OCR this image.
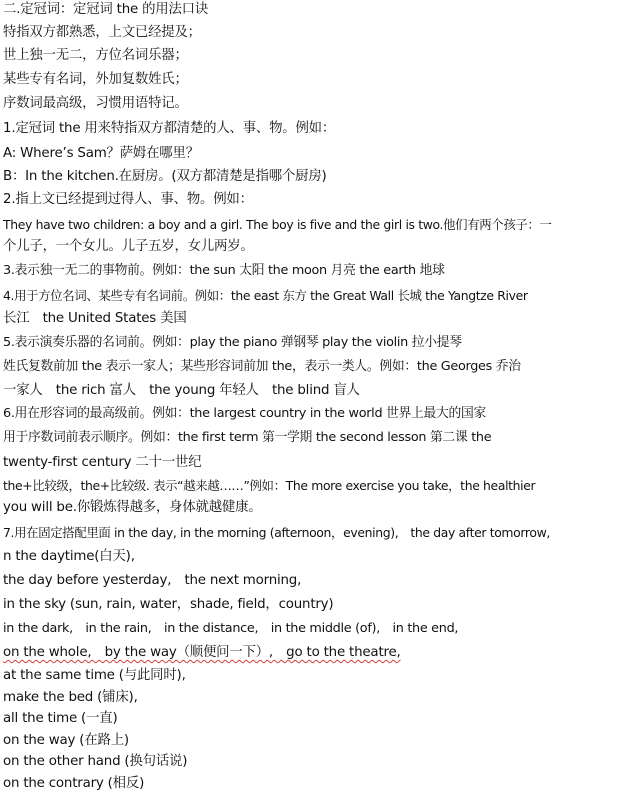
二.定冠词：定冠词 the 的用法口诀
特指双方都熟悉，上文已经提及；
世上独一无二，方位名词乐器；
某些专有名词，外加复数姓氏；
序数词最高级，习惯用语特记。
1.定冠词 the 用来特指双方都清楚的人、事、物。例如：
A: Where’s Sam？萨姆在哪里？
B：In the kitchen.在厨房。(双方都清楚是指哪个厨房)
2.指上文已经提到过得人、事、物。例如：
They have two children: a boy and a girl. The boy is five and the girl is two.他们有两个孩子：一
个儿子，一个女儿。儿子五岁，女儿两岁。
3.表示独一无二的事物前。例如：the sun 太阳 the moon 月亮 the earth 地球
4.用于方位名词、某些专有名词前。例如：the east 东方 the Great Wall 长城 the Yangtze River
长江　the United States 美国
5.表示演奏乐器的名词前。例如：play the piano 弹钢琴 play the violin 拉小提琴
姓氏复数前加 the 表示一家人；某些形容词前加 the，表示一类人。例如：the Georges 乔治
一家人　the rich 富人　the young 年轻人　the blind 盲人
6.用在形容词的最高级前。例如：the largest country in the world 世界上最大的国家
用于序数词前表示顺序。例如：the first term 第一学期 the second lesson 第二课 the
twenty-first century 二十一世纪
the+比较级，the+比较级. 表示“越来越……”例如：The more exercise you take，the healthier
you will be.你锻炼得越多，身体就越健康。
7.用在固定搭配里面 in the day, in the morning (afternoon，evening),　the day after tomorrow,
n the daytime(白天),
the day before yesterday,　the next morning,
in the sky (sun, rain, water，shade, field，country)
in the dark,　in the rain,　in the distance,　in the middle (of),　in the end,
on the whole,　by the way（顺便问一下）,　go to the theatre,
at the same time (与此同时),
make the bed (铺床),
all the time (一直)
on the way (在路上)
on the other hand (换句话说)
on the contrary (相反)
